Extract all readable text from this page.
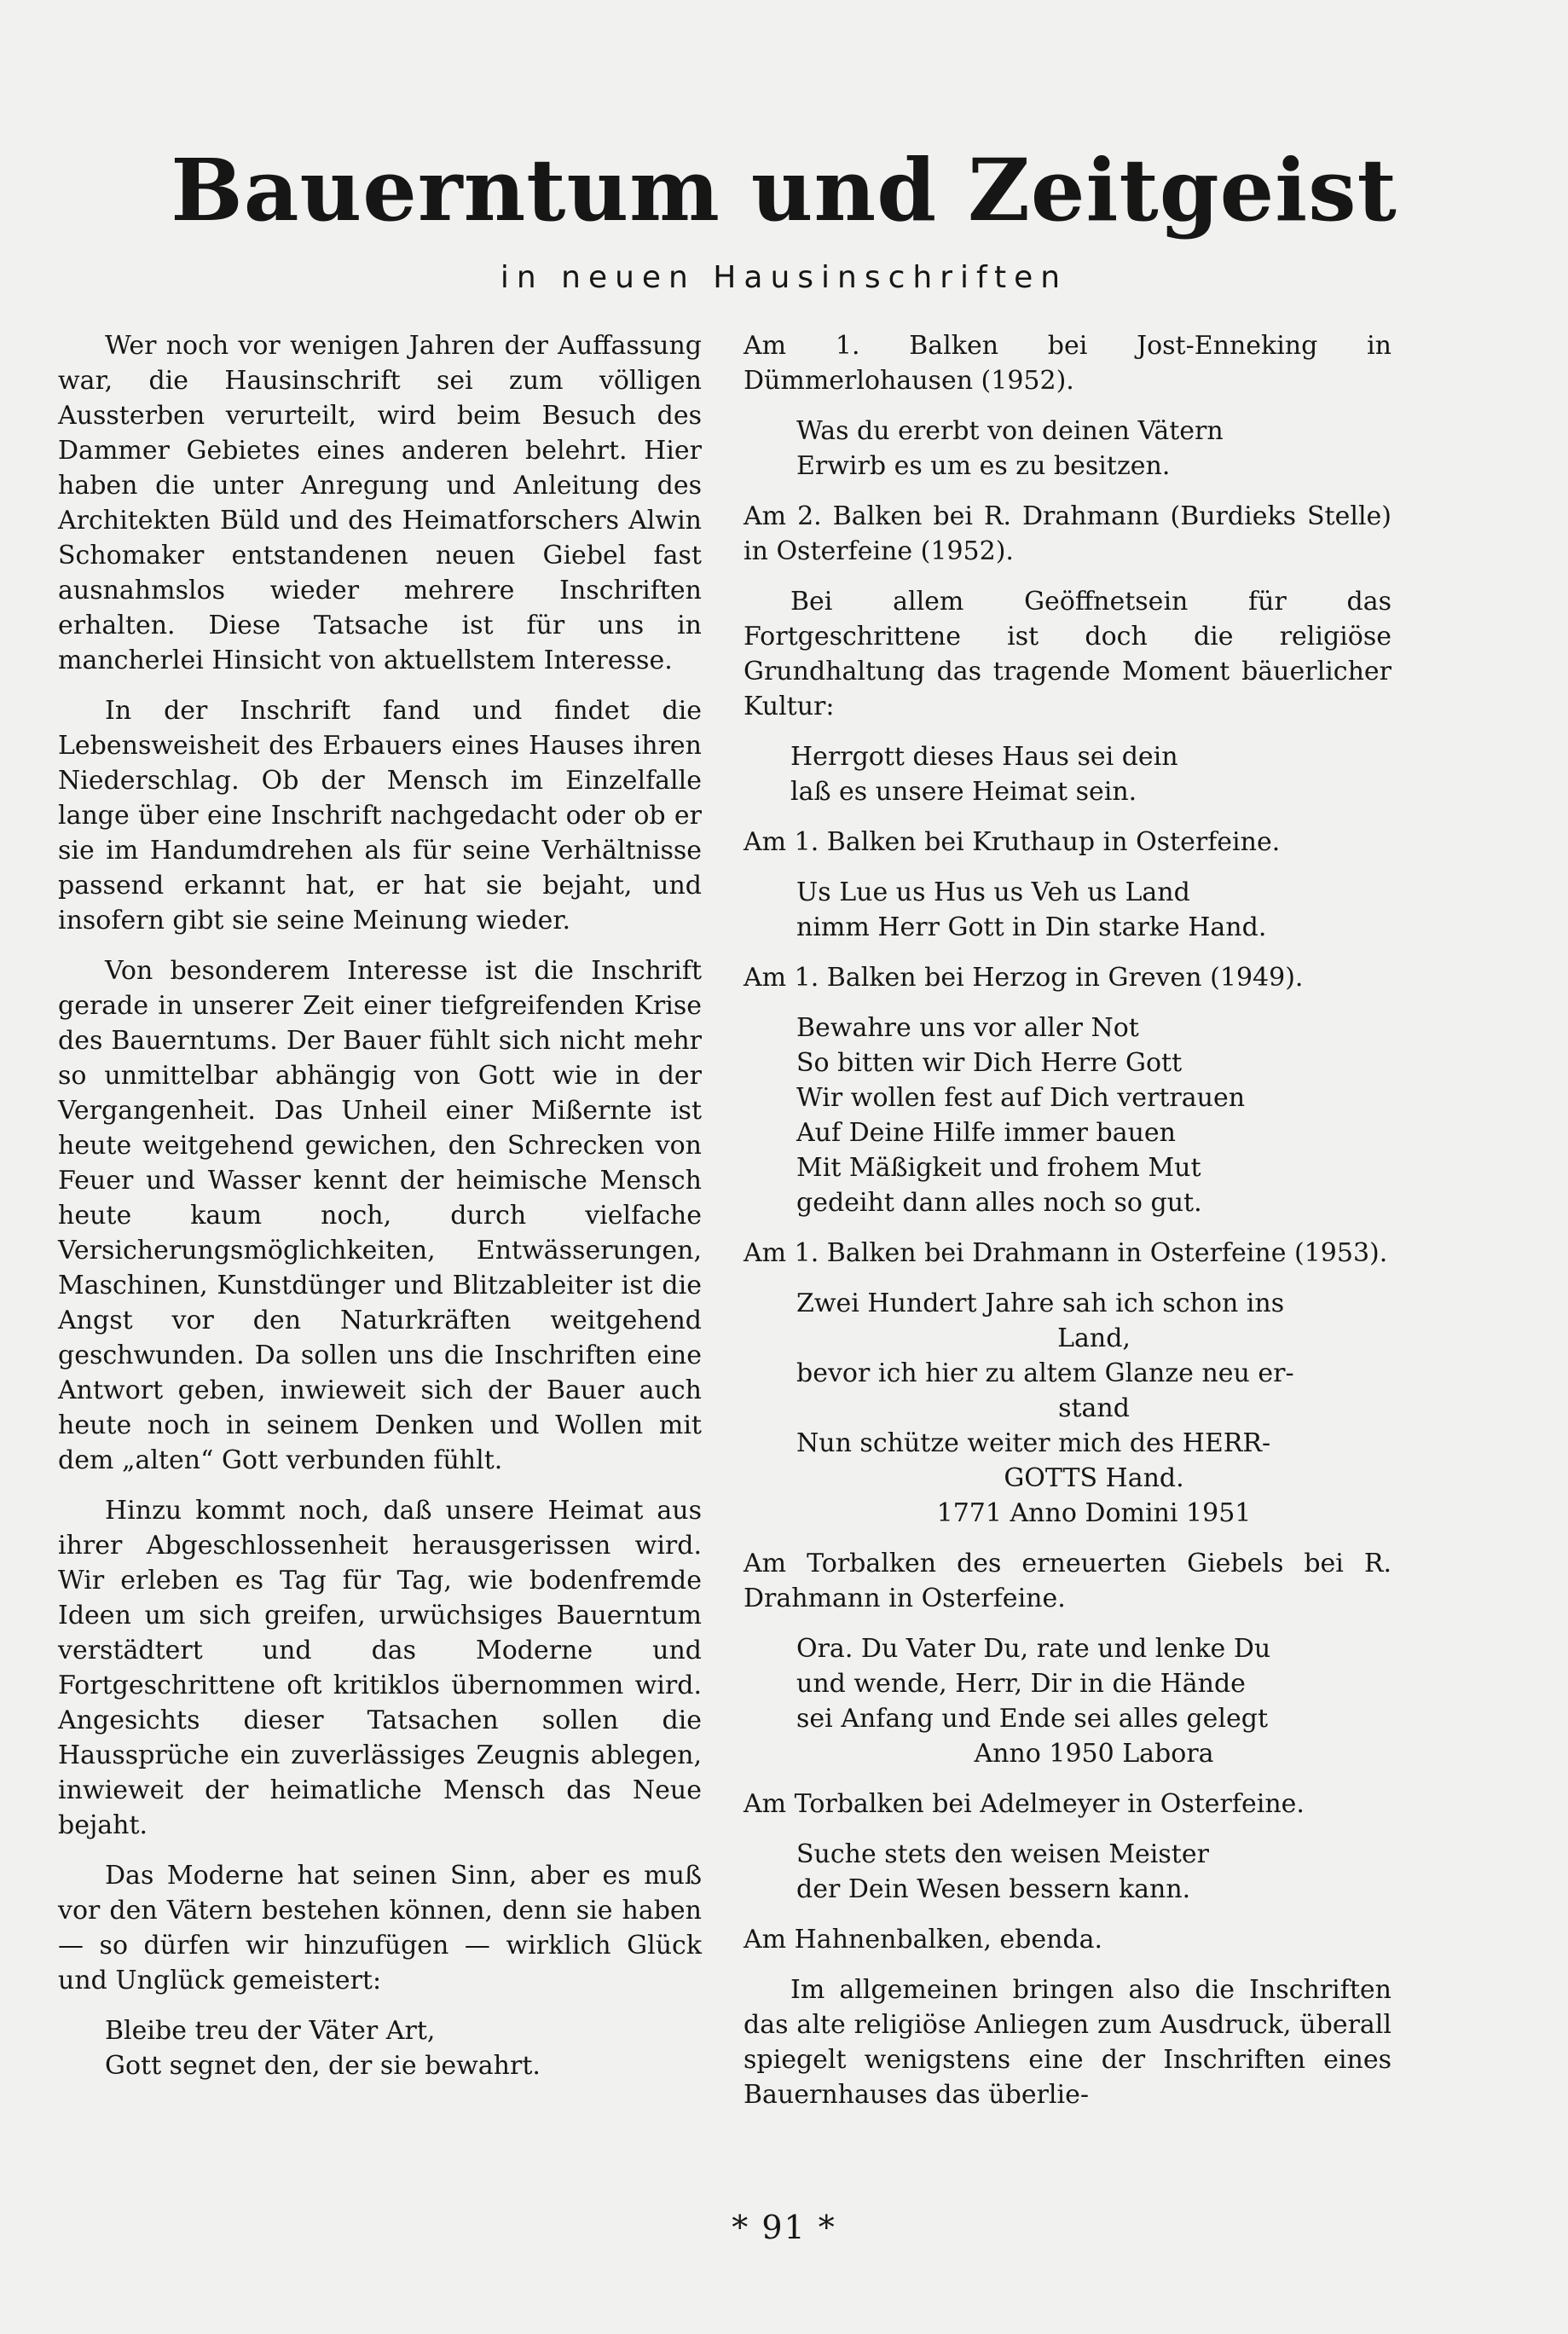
Bauerntum und Zeitgeist
in neuen Hausinschriften

Wer noch vor wenigen Jahren der Auffassung war, die Hausinschrift sei zum völligen Aussterben verurteilt, wird beim Besuch des Dammer Gebietes eines anderen belehrt. Hier haben die unter Anregung und Anleitung des Architekten Büld und des Heimatforschers Alwin Schomaker entstandenen neuen Giebel fast ausnahmslos wieder mehrere Inschriften erhalten. Diese Tatsache ist für uns in mancherlei Hinsicht von aktuellstem Interesse.

In der Inschrift fand und findet die Lebensweisheit des Erbauers eines Hauses ihren Niederschlag. Ob der Mensch im Einzelfalle lange über eine Inschrift nachgedacht oder ob er sie im Handumdrehen als für seine Verhältnisse passend erkannt hat, er hat sie bejaht, und insofern gibt sie seine Meinung wieder.

Von besonderem Interesse ist die Inschrift gerade in unserer Zeit einer tiefgreifenden Krise des Bauerntums. Der Bauer fühlt sich nicht mehr so unmittelbar abhängig von Gott wie in der Vergangenheit. Das Unheil einer Mißernte ist heute weitgehend gewichen, den Schrecken von Feuer und Wasser kennt der heimische Mensch heute kaum noch, durch vielfache Versicherungsmöglichkeiten, Entwässerungen, Maschinen, Kunstdünger und Blitzableiter ist die Angst vor den Naturkräften weitgehend geschwunden. Da sollen uns die Inschriften eine Antwort geben, inwieweit sich der Bauer auch heute noch in seinem Denken und Wollen mit dem „alten“ Gott verbunden fühlt.

Hinzu kommt noch, daß unsere Heimat aus ihrer Abgeschlossenheit herausgerissen wird. Wir erleben es Tag für Tag, wie bodenfremde Ideen um sich greifen, urwüchsiges Bauerntum verstädtert und das Moderne und Fortgeschrittene oft kritiklos übernommen wird. Angesichts dieser Tatsachen sollen die Haussprüche ein zuverlässiges Zeugnis ablegen, inwieweit der heimatliche Mensch das Neue bejaht.

Das Moderne hat seinen Sinn, aber es muß vor den Vätern bestehen können, denn sie haben — so dürfen wir hinzufügen — wirklich Glück und Unglück gemeistert:

Bleibe treu der Väter Art,
Gott segnet den, der sie bewahrt.

Am 1. Balken bei Jost-Enneking in Dümmerlohausen (1952).

Was du ererbt von deinen Vätern
Erwirb es um es zu besitzen.

Am 2. Balken bei R. Drahmann (Burdieks Stelle) in Osterfeine (1952).

Bei allem Geöffnetsein für das Fortgeschrittene ist doch die religiöse Grundhaltung das tragende Moment bäuerlicher Kultur:

Herrgott dieses Haus sei dein
laß es unsere Heimat sein.

Am 1. Balken bei Kruthaup in Osterfeine.

Us Lue us Hus us Veh us Land
nimm Herr Gott in Din starke Hand.

Am 1. Balken bei Herzog in Greven (1949).

Bewahre uns vor aller Not
So bitten wir Dich Herre Gott
Wir wollen fest auf Dich vertrauen
Auf Deine Hilfe immer bauen
Mit Mäßigkeit und frohem Mut
gedeiht dann alles noch so gut.

Am 1. Balken bei Drahmann in Osterfeine (1953).

Zwei Hundert Jahre sah ich schon ins
Land,
bevor ich hier zu altem Glanze neu er-
stand
Nun schütze weiter mich des HERR-
GOTTS Hand.
1771 Anno Domini 1951

Am Torbalken des erneuerten Giebels bei R. Drahmann in Osterfeine.

Ora. Du Vater Du, rate und lenke Du
und wende, Herr, Dir in die Hände
sei Anfang und Ende sei alles gelegt
Anno 1950 Labora

Am Torbalken bei Adelmeyer in Osterfeine.

Suche stets den weisen Meister
der Dein Wesen bessern kann.

Am Hahnenbalken, ebenda.

Im allgemeinen bringen also die Inschriften das alte religiöse Anliegen zum Ausdruck, überall spiegelt wenigstens eine der Inschriften eines Bauernhauses das überlie-

* 91 *
